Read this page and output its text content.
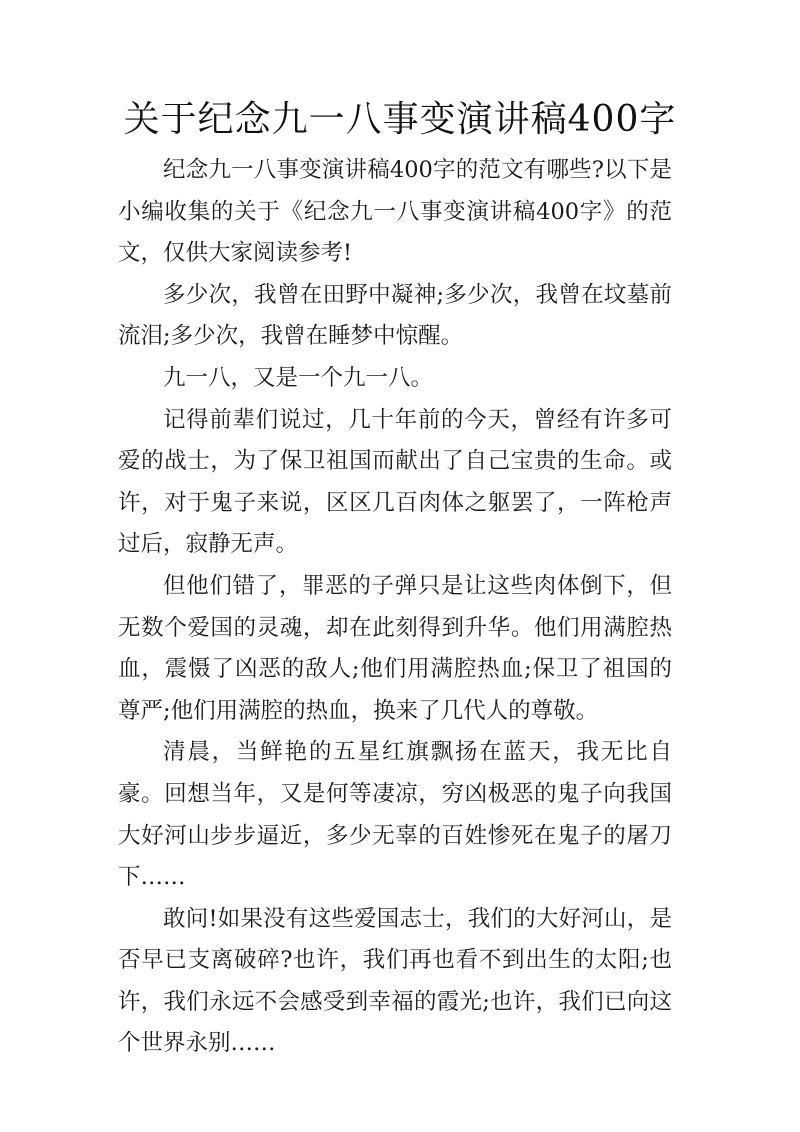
关于纪念九一八事变演讲稿400字

纪念九一八事变演讲稿400字的范文有哪些?以下是小编收集的关于《纪念九一八事变演讲稿400字》的范文，仅供大家阅读参考!

多少次，我曾在田野中凝神;多少次，我曾在坟墓前流泪;多少次，我曾在睡梦中惊醒。

九一八，又是一个九一八。

记得前辈们说过，几十年前的今天，曾经有许多可爱的战士，为了保卫祖国而献出了自己宝贵的生命。或许，对于鬼子来说，区区几百肉体之躯罢了，一阵枪声过后，寂静无声。

但他们错了，罪恶的子弹只是让这些肉体倒下，但无数个爱国的灵魂，却在此刻得到升华。他们用满腔热血，震慑了凶恶的敌人;他们用满腔热血;保卫了祖国的尊严;他们用满腔的热血，换来了几代人的尊敬。

清晨，当鲜艳的五星红旗飘扬在蓝天，我无比自豪。回想当年，又是何等凄凉，穷凶极恶的鬼子向我国大好河山步步逼近，多少无辜的百姓惨死在鬼子的屠刀下……

敢问!如果没有这些爱国志士，我们的大好河山，是否早已支离破碎?也许，我们再也看不到出生的太阳;也许，我们永远不会感受到幸福的霞光;也许，我们已向这个世界永别……
